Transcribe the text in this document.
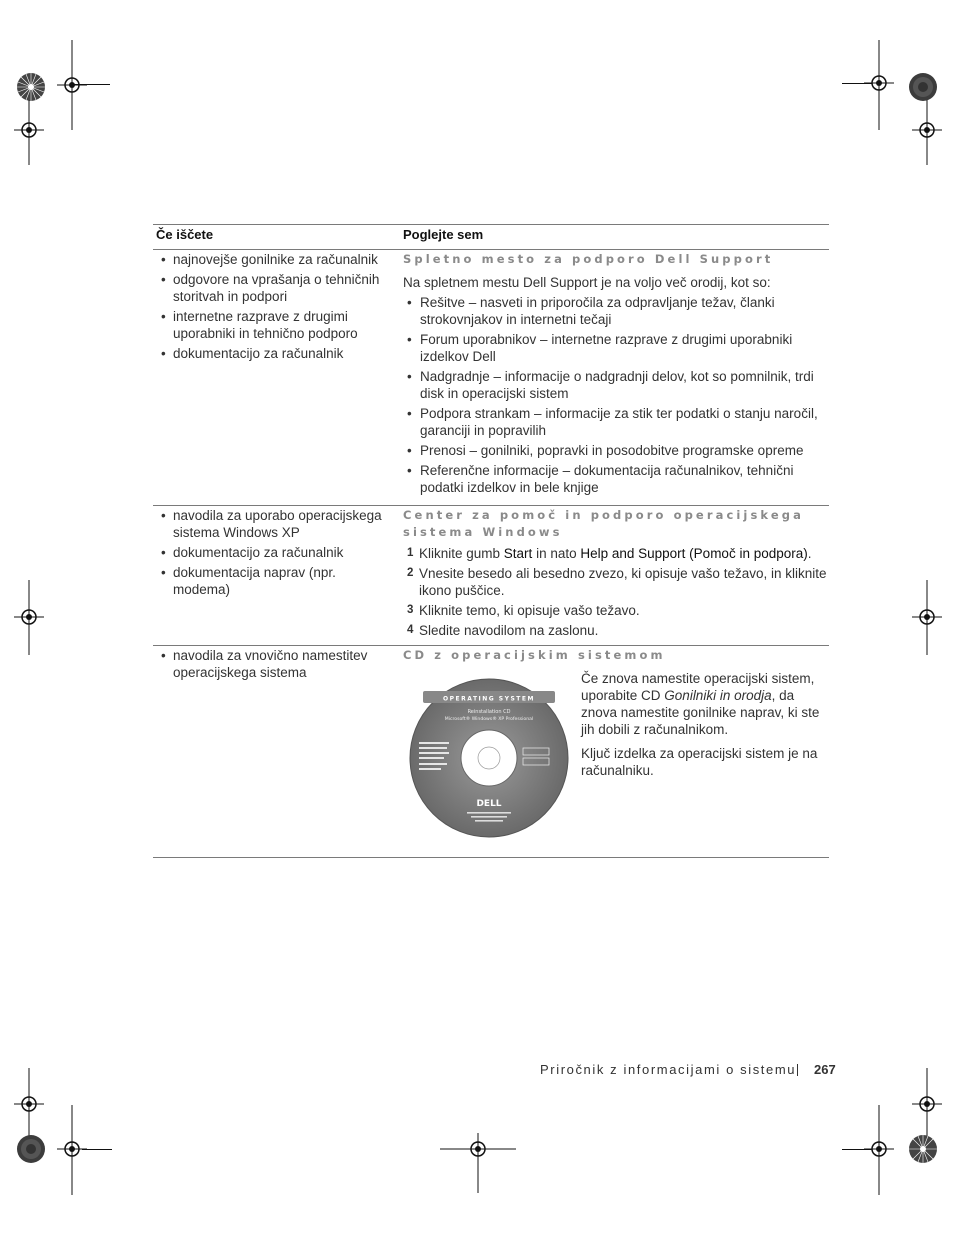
Če iščete	Poglejte sem
• najnovejše gonilnike za računalnik
• odgovore na vprašanja o tehničnih storitvah in podpori
• internetne razprave z drugimi uporabniki in tehnično podporo
• dokumentacijo za računalnik
Spletno mesto za podporo Dell Support
Na spletnem mestu Dell Support je na voljo več orodij, kot so:
• Rešitve – nasveti in priporočila za odpravljanje težav, članki strokovnjakov in internetni tečaji
• Forum uporabnikov – internetne razprave z drugimi uporabniki izdelkov Dell
• Nadgradnje – informacije o nadgradnji delov, kot so pomnilnik, trdi disk in operacijski sistem
• Podpora strankam – informacije za stik ter podatki o stanju naročil, garanciji in popravilih
• Prenosi – gonilniki, popravki in posodobitve programske opreme
• Referenčne informacije – dokumentacija računalnikov, tehnični podatki izdelkov in bele knjige
• navodila za uporabo operacijskega sistema Windows XP
• dokumentacijo za računalnik
• dokumentacija naprav (npr. modema)
Center za pomoč in podporo operacijskega sistema Windows
1 Kliknite gumb Start in nato Help and Support (Pomoč in podpora).
2 Vnesite besedo ali besedno zvezo, ki opisuje vašo težavo, in kliknite ikono puščice.
3 Kliknite temo, ki opisuje vašo težavo.
4 Sledite navodilom na zaslonu.
• navodila za vnovično namestitev operacijskega sistema
CD z operacijskim sistemom
OPERATING SYSTEM
Reinstallation CD
Microsoft® Windows® XP Professional
DELL

Če znova namestite operacijski sistem, uporabite CD Gonilniki in orodja, da znova namestite gonilnike naprav, ki ste jih dobili z računalnikom.

Ključ izdelka za operacijski sistem je na računalniku.

Priročnik z informacijami o sistemu 267
